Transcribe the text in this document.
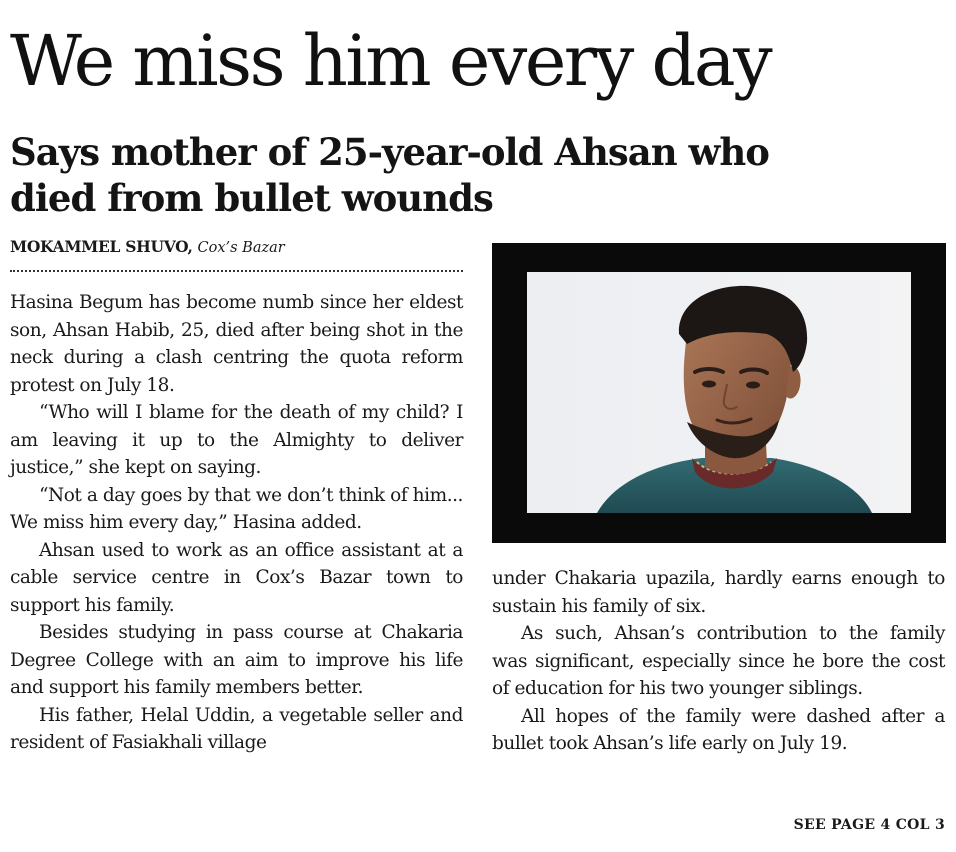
We miss him every day
Says mother of 25-year-old Ahsan who died from bullet wounds
MOKAMMEL SHUVO, Cox’s Bazar

Hasina Begum has become numb since her eldest son, Ahsan Habib, 25, died after being shot in the neck during a clash centring the quota reform protest on July 18.

“Who will I blame for the death of my child? I am leaving it up to the Almighty to deliver justice,” she kept on saying.

“Not a day goes by that we don’t think of him... We miss him every day,” Hasina added.

Ahsan used to work as an office assistant at a cable service centre in Cox’s Bazar town to support his family.

Besides studying in pass course at Chakaria Degree College with an aim to improve his life and support his family members better.

His father, Helal Uddin, a vegetable seller and resident of Fasiakhali village

under Chakaria upazila, hardly earns enough to sustain his family of six.

As such, Ahsan’s contribution to the family was significant, especially since he bore the cost of education for his two younger siblings.

All hopes of the family were dashed after a bullet took Ahsan’s life early on July 19.

SEE PAGE 4 COL 3
